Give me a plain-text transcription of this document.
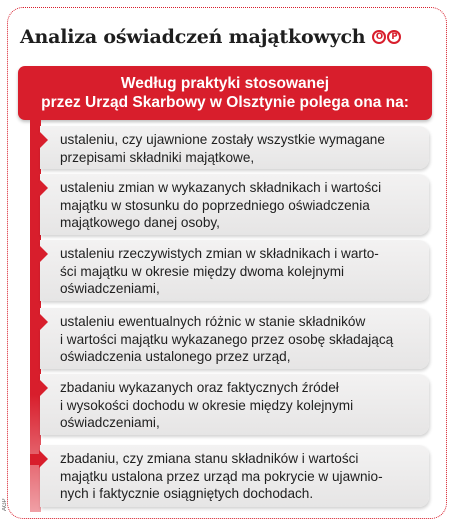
Analiza oświadczeń majątkowych	O P
Według praktyki stosowanej
przez Urząd Skarbowy w Olsztynie polega ona na:
ustaleniu, czy ujawnione zostały wszystkie wymagane
przepisami składniki majątkowe,
ustaleniu zmian w wykazanych składnikach i wartości
majątku w stosunku do poprzedniego oświadczenia
majątkowego danej osoby,
ustaleniu rzeczywistych zmian w składnikach i warto-
ści majątku w okresie między dwoma kolejnymi
oświadczeniami,
ustaleniu ewentualnych różnic w stanie składników
i wartości majątku wykazanego przez osobę składającą
oświadczenia ustalonego przez urząd,
zbadaniu wykazanych oraz faktycznych źródeł
i wysokości dochodu w okresie między kolejnymi
oświadczeniami,
zbadaniu, czy zmiana stanu składników i wartości
majątku ustalona przez urząd ma pokrycie w ujawnio-
nych i faktycznie osiągniętych dochodach.
AGP
